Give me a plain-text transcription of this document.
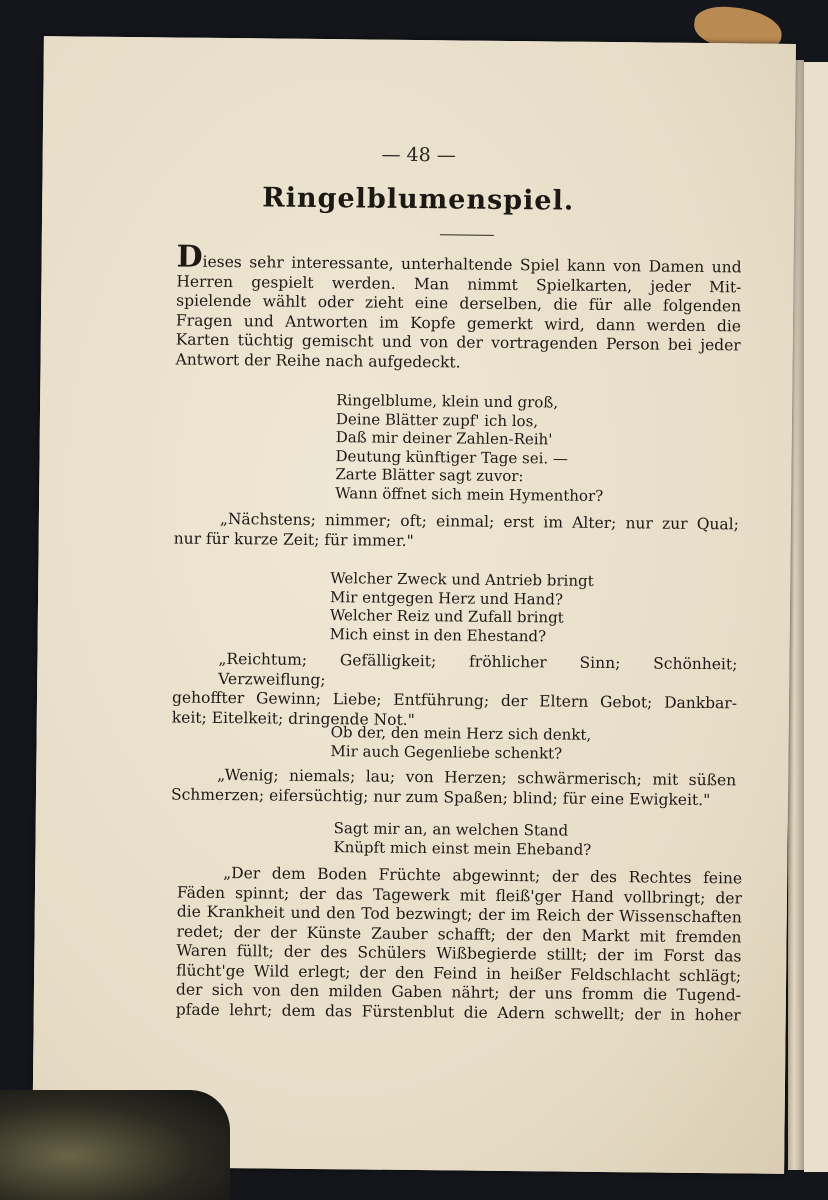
— 48 —
Ringelblumenspiel.
Dieses sehr interessante, unterhaltende Spiel kann von Damen und
Herren gespielt werden. Man nimmt Spielkarten, jeder Mit-
spielende wählt oder zieht eine derselben, die für alle folgenden
Fragen und Antworten im Kopfe gemerkt wird, dann werden die
Karten tüchtig gemischt und von der vortragenden Person bei jeder
Antwort der Reihe nach aufgedeckt.
Ringelblume, klein und groß,
Deine Blätter zupf' ich los,
Daß mir deiner Zahlen-Reih'
Deutung künftiger Tage sei. —
Zarte Blätter sagt zuvor:
Wann öffnet sich mein Hymenthor?
„Nächstens; nimmer; oft; einmal; erst im Alter; nur zur Qual;
nur für kurze Zeit; für immer."
Welcher Zweck und Antrieb bringt
Mir entgegen Herz und Hand?
Welcher Reiz und Zufall bringt
Mich einst in den Ehestand?
„Reichtum; Gefälligkeit; fröhlicher Sinn; Schönheit; Verzweiflung;
gehoffter Gewinn; Liebe; Entführung; der Eltern Gebot; Dankbar-
keit; Eitelkeit; dringende Not."
Ob der, den mein Herz sich denkt,
Mir auch Gegenliebe schenkt?
„Wenig; niemals; lau; von Herzen; schwärmerisch; mit süßen
Schmerzen; eifersüchtig; nur zum Spaßen; blind; für eine Ewigkeit."
Sagt mir an, an welchen Stand
Knüpft mich einst mein Eheband?
„Der dem Boden Früchte abgewinnt; der des Rechtes feine
Fäden spinnt; der das Tagewerk mit fleiß'ger Hand vollbringt; der
die Krankheit und den Tod bezwingt; der im Reich der Wissenschaften
redet; der der Künste Zauber schafft; der den Markt mit fremden
Waren füllt; der des Schülers Wißbegierde stillt; der im Forst das
flücht'ge Wild erlegt; der den Feind in heißer Feldschlacht schlägt;
der sich von den milden Gaben nährt; der uns fromm die Tugend-
pfade lehrt; dem das Fürstenblut die Adern schwellt; der in hoher
